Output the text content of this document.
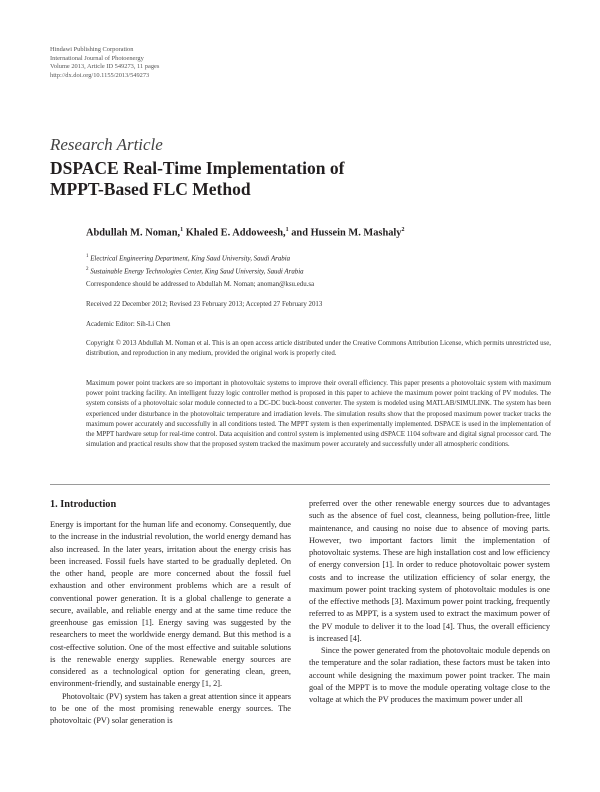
Hindawi Publishing Corporation
International Journal of Photoenergy
Volume 2013, Article ID 549273, 11 pages
http://dx.doi.org/10.1155/2013/549273
Research Article
DSPACE Real-Time Implementation of
MPPT-Based FLC Method
Abdullah M. Noman,$^1$ Khaled E. Addoweesh,$^1$ and Hussein M. Mashaly$^2$
$^1$ Electrical Engineering Department, King Saud University, Saudi Arabia
$^2$ Sustainable Energy Technologies Center, King Saud University, Saudi Arabia
Correspondence should be addressed to Abdullah M. Noman; anoman@ksu.edu.sa
Received 22 December 2012; Revised 23 February 2013; Accepted 27 February 2013
Academic Editor: Sih-Li Chen
Copyright © 2013 Abdullah M. Noman et al. This is an open access article distributed under the Creative Commons Attribution License, which permits unrestricted use, distribution, and reproduction in any medium, provided the original work is properly cited.
Maximum power point trackers are so important in photovoltaic systems to improve their overall efficiency. This paper presents a photovoltaic system with maximum power point tracking facility. An intelligent fuzzy logic controller method is proposed in this paper to achieve the maximum power point tracking of PV modules. The system consists of a photovoltaic solar module connected to a DC-DC buck-boost converter. The system is modeled using MATLAB/SIMULINK. The system has been experienced under disturbance in the photovoltaic temperature and irradiation levels. The simulation results show that the proposed maximum power tracker tracks the maximum power accurately and successfully in all conditions tested. The MPPT system is then experimentally implemented. DSPACE is used in the implementation of the MPPT hardware setup for real-time control. Data acquisition and control system is implemented using dSPACE 1104 software and digital signal processor card. The simulation and practical results show that the proposed system tracked the maximum power accurately and successfully under all atmospheric conditions.
1. Introduction

Energy is important for the human life and economy. Consequently, due to the increase in the industrial revolution, the world energy demand has also increased. In the later years, irritation about the energy crisis has been increased. Fossil fuels have started to be gradually depleted. On the other hand, people are more concerned about the fossil fuel exhaustion and other environment problems which are a result of conventional power generation. It is a global challenge to generate a secure, available, and reliable energy and at the same time reduce the greenhouse gas emission [1]. Energy saving was suggested by the researchers to meet the worldwide energy demand. But this method is a cost-effective solution. One of the most effective and suitable solutions is the renewable energy supplies. Renewable energy sources are considered as a technological option for generating clean, green, environment-friendly, and sustainable energy [1, 2].

Photovoltaic (PV) system has taken a great attention since it appears to be one of the most promising renewable energy sources. The photovoltaic (PV) solar generation is

preferred over the other renewable energy sources due to advantages such as the absence of fuel cost, cleanness, being pollution-free, little maintenance, and causing no noise due to absence of moving parts. However, two important factors limit the implementation of photovoltaic systems. These are high installation cost and low efficiency of energy conversion [1]. In order to reduce photovoltaic power system costs and to increase the utilization efficiency of solar energy, the maximum power point tracking system of photovoltaic modules is one of the effective methods [3]. Maximum power point tracking, frequently referred to as MPPT, is a system used to extract the maximum power of the PV module to deliver it to the load [4]. Thus, the overall efficiency is increased [4].

Since the power generated from the photovoltaic module depends on the temperature and the solar radiation, these factors must be taken into account while designing the maximum power point tracker. The main goal of the MPPT is to move the module operating voltage close to the voltage at which the PV produces the maximum power under all
